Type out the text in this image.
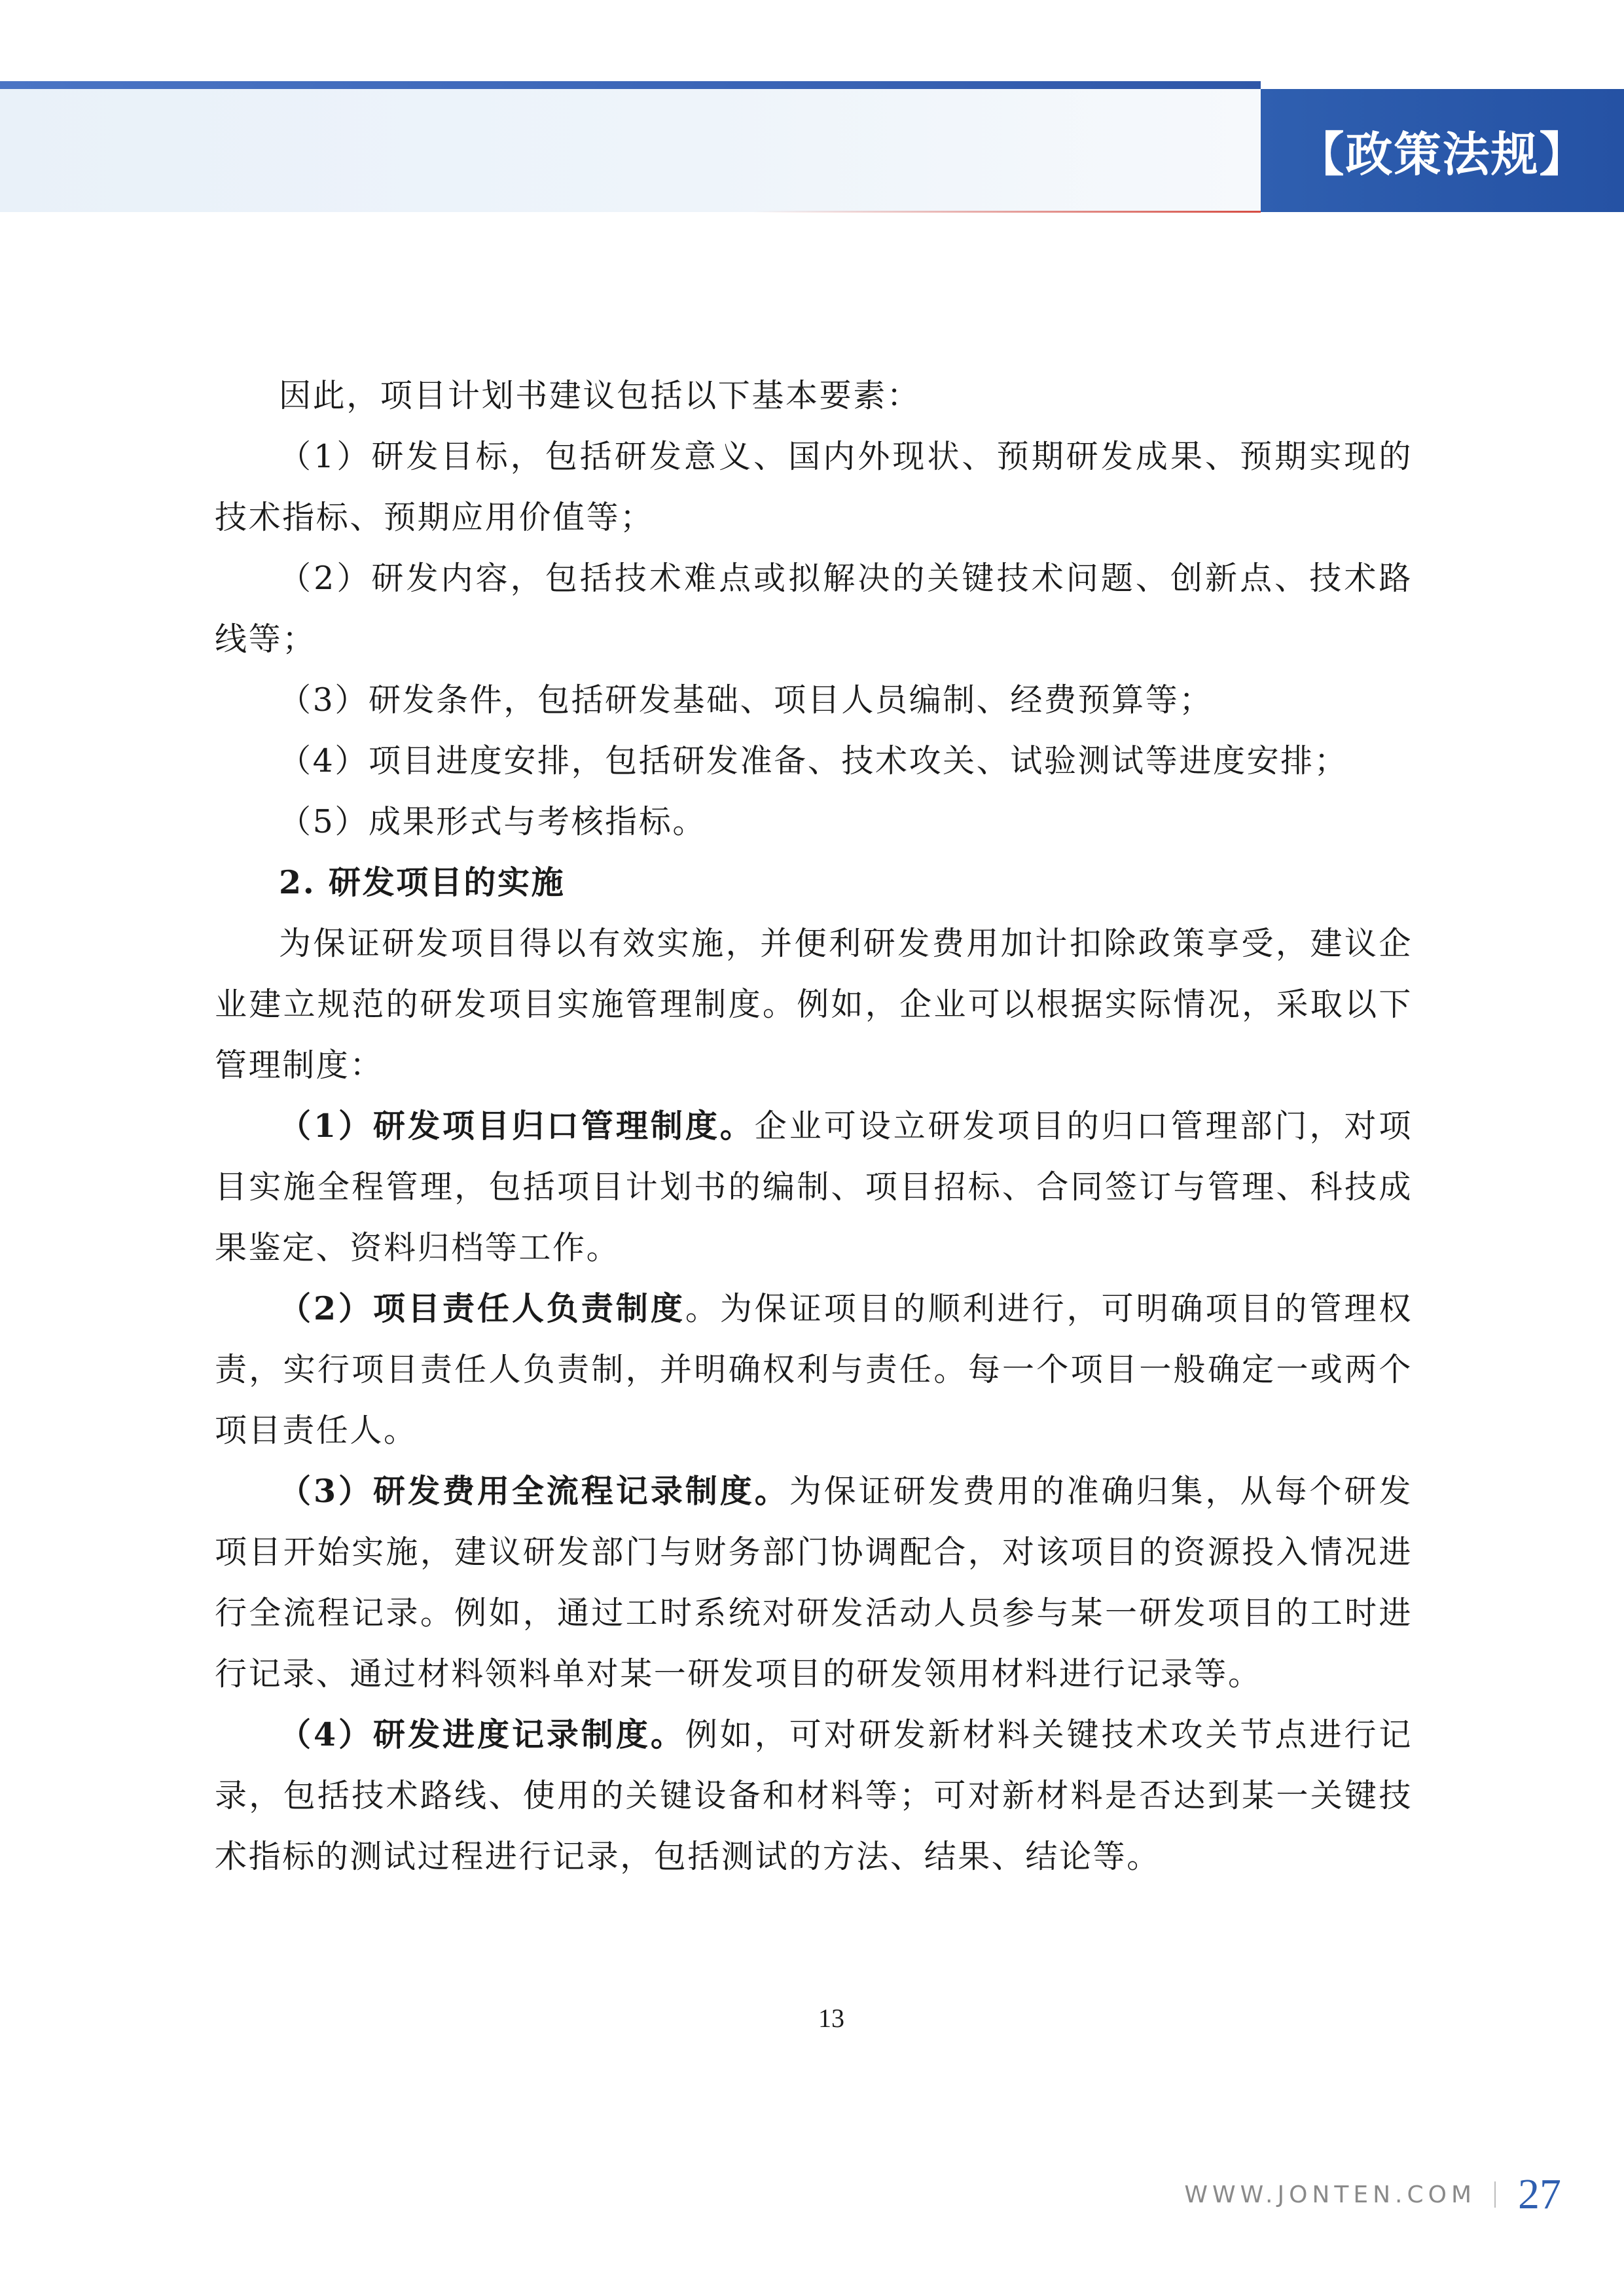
【政策法规】

因此，项目计划书建议包括以下基本要素：

（1）研发目标，包括研发意义、国内外现状、预期研发成果、预期实现的技术指标、预期应用价值等；

（2）研发内容，包括技术难点或拟解决的关键技术问题、创新点、技术路线等；

（3）研发条件，包括研发基础、项目人员编制、经费预算等；

（4）项目进度安排，包括研发准备、技术攻关、试验测试等进度安排；

（5）成果形式与考核指标。

2. 研发项目的实施

为保证研发项目得以有效实施，并便利研发费用加计扣除政策享受，建议企业建立规范的研发项目实施管理制度。例如，企业可以根据实际情况，采取以下管理制度：

（1）研发项目归口管理制度。企业可设立研发项目的归口管理部门，对项目实施全程管理，包括项目计划书的编制、项目招标、合同签订与管理、科技成果鉴定、资料归档等工作。

（2）项目责任人负责制度。为保证项目的顺利进行，可明确项目的管理权责，实行项目责任人负责制，并明确权利与责任。每一个项目一般确定一或两个项目责任人。

（3）研发费用全流程记录制度。为保证研发费用的准确归集，从每个研发项目开始实施，建议研发部门与财务部门协调配合，对该项目的资源投入情况进行全流程记录。例如，通过工时系统对研发活动人员参与某一研发项目的工时进行记录、通过材料领料单对某一研发项目的研发领用材料进行记录等。

（4）研发进度记录制度。例如，可对研发新材料关键技术攻关节点进行记录，包括技术路线、使用的关键设备和材料等；可对新材料是否达到某一关键技术指标的测试过程进行记录，包括测试的方法、结果、结论等。

13
WWW.JONTEN.COM 27
